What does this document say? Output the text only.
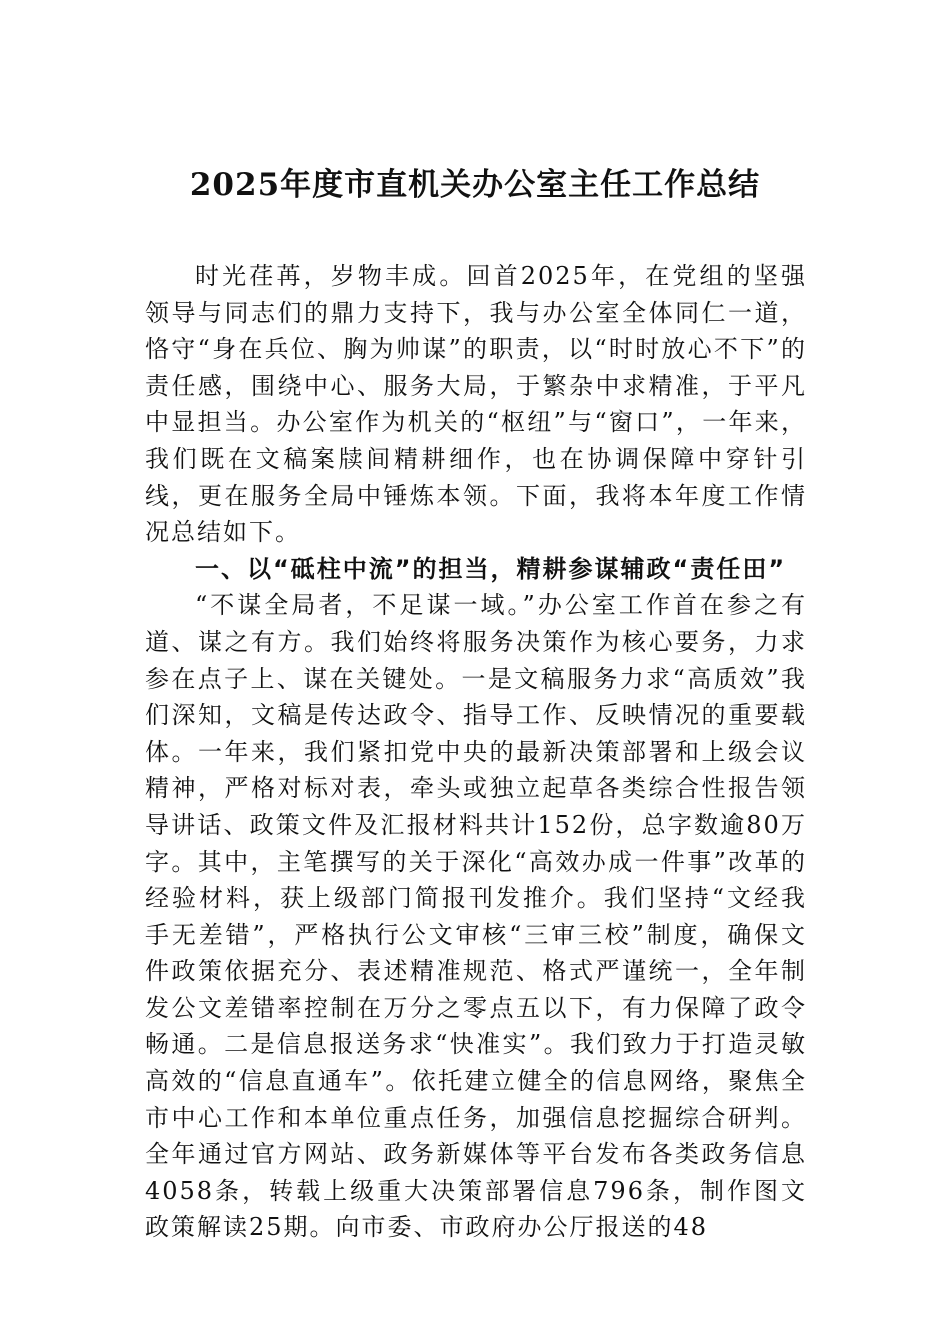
2025年度市直机关办公室主任工作总结

时光荏苒，岁物丰成。回首2025年，在党组的坚强领导与同志们的鼎力支持下，我与办公室全体同仁一道，恪守“身在兵位、胸为帅谋”的职责，以“时时放心不下”的责任感，围绕中心、服务大局，于繁杂中求精准，于平凡中显担当。办公室作为机关的“枢纽”与“窗口”，一年来，我们既在文稿案牍间精耕细作，也在协调保障中穿针引线，更在服务全局中锤炼本领。下面，我将本年度工作情况总结如下。

一、以“砥柱中流”的担当，精耕参谋辅政“责任田”

“不谋全局者，不足谋一域。”办公室工作首在参之有道、谋之有方。我们始终将服务决策作为核心要务，力求参在点子上、谋在关键处。一是文稿服务力求“高质效”我们深知，文稿是传达政令、指导工作、反映情况的重要载体。一年来，我们紧扣党中央的最新决策部署和上级会议精神，严格对标对表，牵头或独立起草各类综合性报告领导讲话、政策文件及汇报材料共计152份，总字数逾80万字。其中，主笔撰写的关于深化“高效办成一件事”改革的经验材料，获上级部门简报刊发推介。我们坚持“文经我手无差错”，严格执行公文审核“三审三校”制度，确保文件政策依据充分、表述精准规范、格式严谨统一，全年制发公文差错率控制在万分之零点五以下，有力保障了政令畅通。二是信息报送务求“快准实”。我们致力于打造灵敏高效的“信息直通车”。依托建立健全的信息网络，聚焦全市中心工作和本单位重点任务，加强信息挖掘综合研判。全年通过官方网站、政务新媒体等平台发布各类政务信息4058条，转载上级重大决策部署信息796条，制作图文政策解读25期。向市委、市政府办公厅报送的48
